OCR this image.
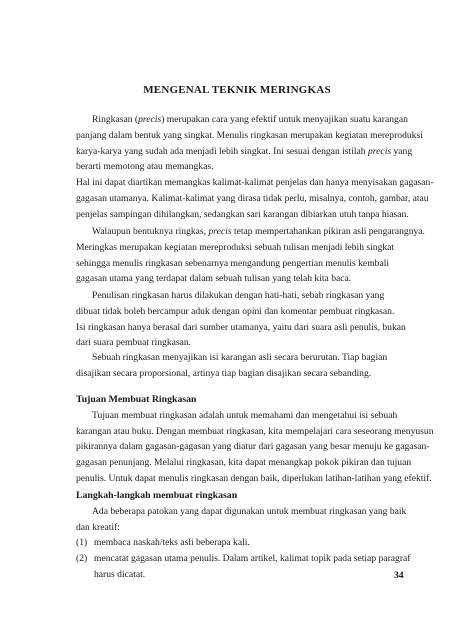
MENGENAL TEKNIK MERINGKAS
Ringkasan (precis) merupakan cara yang efektif untuk menyajikan suatu karangan
panjang dalam bentuk yang singkat. Menulis ringkasan merupakan kegiatan mereproduksi
karya-karya yang sudah ada menjadi lebih singkat. Ini sesuai dengan istilah precis yang
berarti memotong atau memangkas.
Hal ini dapat diartikan memangkas kalimat-kalimat penjelas dan hanya menyisakan gagasan-
gagasan utamanya. Kalimat-kalimat yang dirasa tidak perlu, misalnya, contoh, gambar, atau
penjelas sampingan dihilangkan, sedangkan sari karangan dibiarkan utuh tanpa hiasan.
Walaupun bentuknya ringkas, precis tetap mempertahankan pikiran asli pengarangnya.
Meringkas merupakan kegiatan mereproduksi sebuah tulisan menjadi lebih singkat
sehingga menulis ringkasan sebenarnya mengandung pengertian menulis kembali
gagasan utama yang terdapat dalam sebuah tulisan yang telah kita baca.
Penulisan ringkasan harus dilakukan dengan hati-hati, sebab ringkasan yang
dibuat tidak boleh bercampur aduk dengan opini dan komentar pembuat ringkasan.
Isi ringkasan hanya berasal dari sumber utamanya, yaitu dari suara asli penulis, bukan
dari suara pembuat ringkasan.
Sebuah ringkasan menyajikan isi karangan asli secara berurutan. Tiap bagian
disajikan secara proporsional, artinya tiap bagian disajikan secara sebanding.
Tujuan Membuat Ringkasan
Tujuan membuat ringkasan adalah untuk memahami dan mengetahui isi sebuah
karangan atau buku. Dengan membuat ringkasan, kita mempelajari cara seseorang menyusun
pikirannya dalam gagasan-gagasan yang diatur dari gagasan yang besar menuju ke gagasan-
gagasan penunjang. Melalui ringkasan, kita dapat menangkap pokok pikiran dan tujuan
penulis. Untuk dapat menulis ringkasan dengan baik, diperlukan latihan-latihan yang efektif.
Langkah-langkah membuat ringkasan
Ada beberapa patokan yang dapat digunakan untuk membuat ringkasan yang baik
dan kreatif:
(1) membaca naskah/teks asli beberapa kali.
(2) mencatat gagasan utama penulis. Dalam artikel, kalimat topik pada setiap paragraf
harus dicatat.	34
